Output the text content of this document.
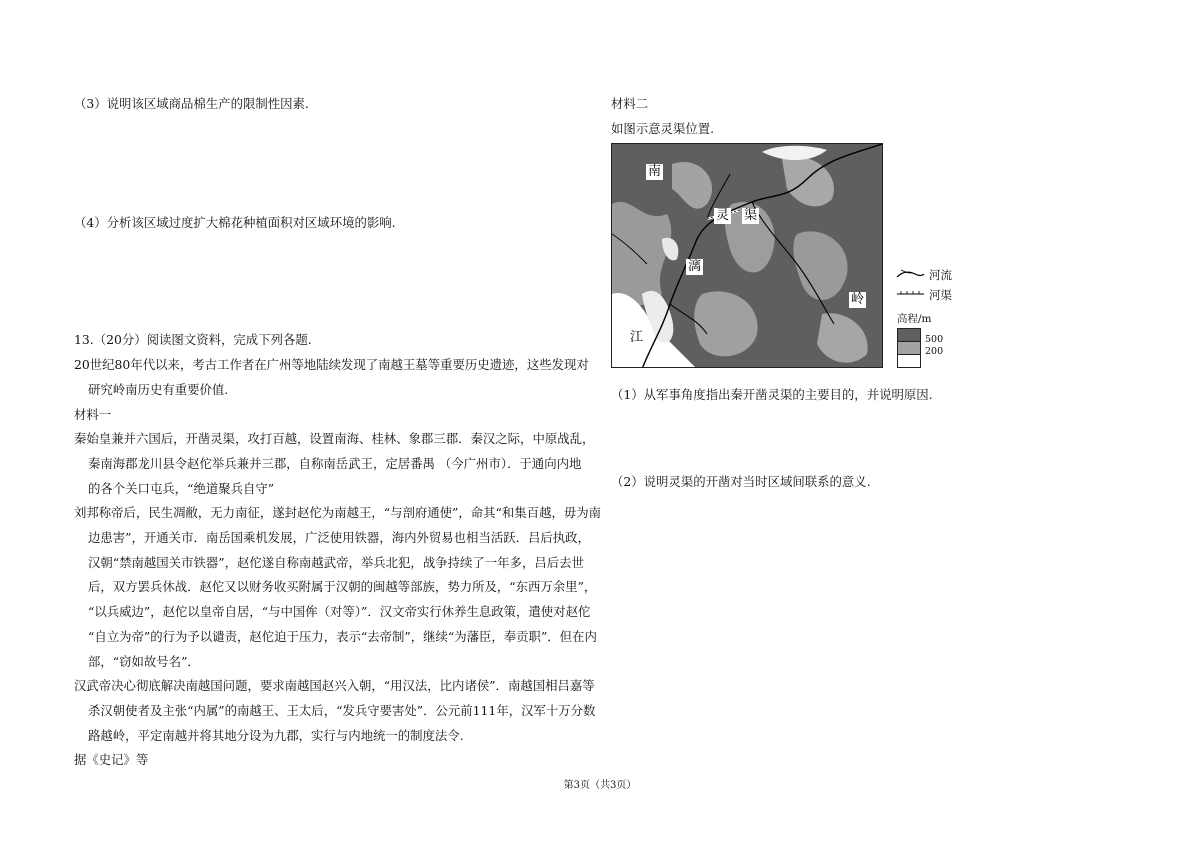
（3）说明该区域商品棉生产的限制性因素.
（4）分析该区域过度扩大棉花种植面积对区域环境的影响.
13.（20分）阅读图文资料，完成下列各题.
20世纪80年代以来，考古工作者在广州等地陆续发现了南越王墓等重要历史遗迹，这些发现对
研究岭南历史有重要价值.
材料一
秦始皇兼并六国后，开凿灵渠，攻打百越，设置南海、桂林、象郡三郡．秦汉之际，中原战乱，
秦南海郡龙川县令赵佗举兵兼并三郡，自称南岳武王，定居番禺 （今广州市）．于通向内地
的各个关口屯兵，“绝道聚兵自守”
刘邦称帝后，民生凋敝，无力南征，遂封赵佗为南越王，“与剖府通使”，命其“和集百越，毋为南
边患害”，开通关市．南岳国乘机发展，广泛使用铁器，海内外贸易也相当活跃．吕后执政，
汉朝“禁南越国关市铁器”，赵佗遂自称南越武帝，举兵北犯，战争持续了一年多，吕后去世
后，双方罢兵休战．赵佗又以财务收买附属于汉朝的闽越等部族，势力所及，“东西万余里”，
“以兵威边”，赵佗以皇帝自居，“与中国侔（对等）”．汉文帝实行休养生息政策，遣使对赵佗
“自立为帝”的行为予以谴责，赵佗迫于压力，表示“去帝制”，继续“为藩臣，奉贡职”．但在内
部，“窃如故号名”．
汉武帝决心彻底解决南越国问题，要求南越国赵兴入朝，“用汉法，比内诸侯”．南越国相吕嘉等
杀汉朝使者及主张“内属”的南越王、王太后，“发兵守要害处”．公元前111年，汉军十万分数
路越岭，平定南越并将其地分设为九郡，实行与内地统一的制度法令.
据《史记》等
材料二
如图示意灵渠位置.
南
灵 渠
漓
岭
江
河流
河渠
高程/m
500
200
（1）从军事角度指出秦开凿灵渠的主要目的，并说明原因.
（2）说明灵渠的开凿对当时区域间联系的意义.
第3页（共3页）
